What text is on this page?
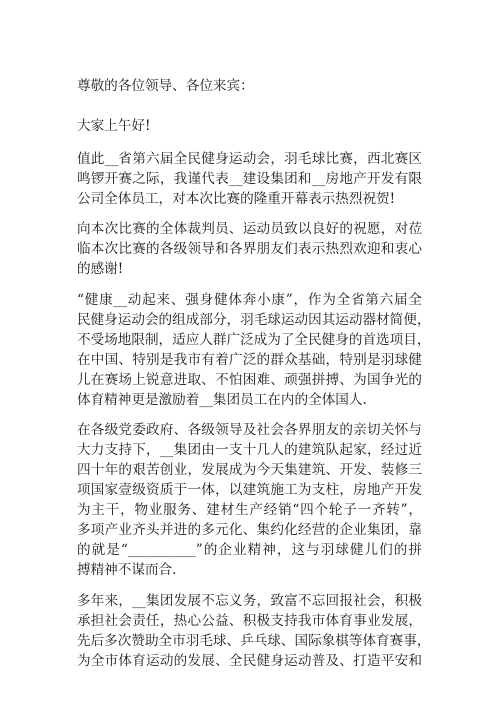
尊敬的各位领导、各位来宾：
大家上午好!
值此__省第六届全民健身运动会，羽毛球比赛，西北赛区
鸣锣开赛之际，我谨代表__建设集团和__房地产开发有限
公司全体员工，对本次比赛的隆重开幕表示热烈祝贺!
向本次比赛的全体裁判员、运动员致以良好的祝愿，对莅
临本次比赛的各级领导和各界朋友们表示热烈欢迎和衷心
的感谢!
“健康__动起来、强身健体奔小康”，作为全省第六届全
民健身运动会的组成部分，羽毛球运动因其运动器材简便，
不受场地限制，适应人群广泛成为了全民健身的首选项目，
在中国、特别是我市有着广泛的群众基础，特别是羽球健
儿在赛场上锐意进取、不怕困难、顽强拼搏、为国争光的
体育精神更是激励着__集团员工在内的全体国人.
在各级党委政府、各级领导及社会各界朋友的亲切关怀与
大力支持下，__集团由一支十几人的建筑队起家，经过近
四十年的艰苦创业，发展成为今天集建筑、开发、装修三
项国家壹级资质于一体，以建筑施工为支柱，房地产开发
为主干，物业服务、建材生产经销“四个轮子一齐转”，
多项产业齐头并进的多元化、集约化经营的企业集团，靠
的就是“__________”的企业精神，这与羽球健儿们的拼
搏精神不谋而合.
多年来，__集团发展不忘义务，致富不忘回报社会，积极
承担社会责任，热心公益、积极支持我市体育事业发展，
先后多次赞助全市羽毛球、乒乓球、国际象棋等体育赛事，
为全市体育运动的发展、全民健身运动普及、打造平安和
